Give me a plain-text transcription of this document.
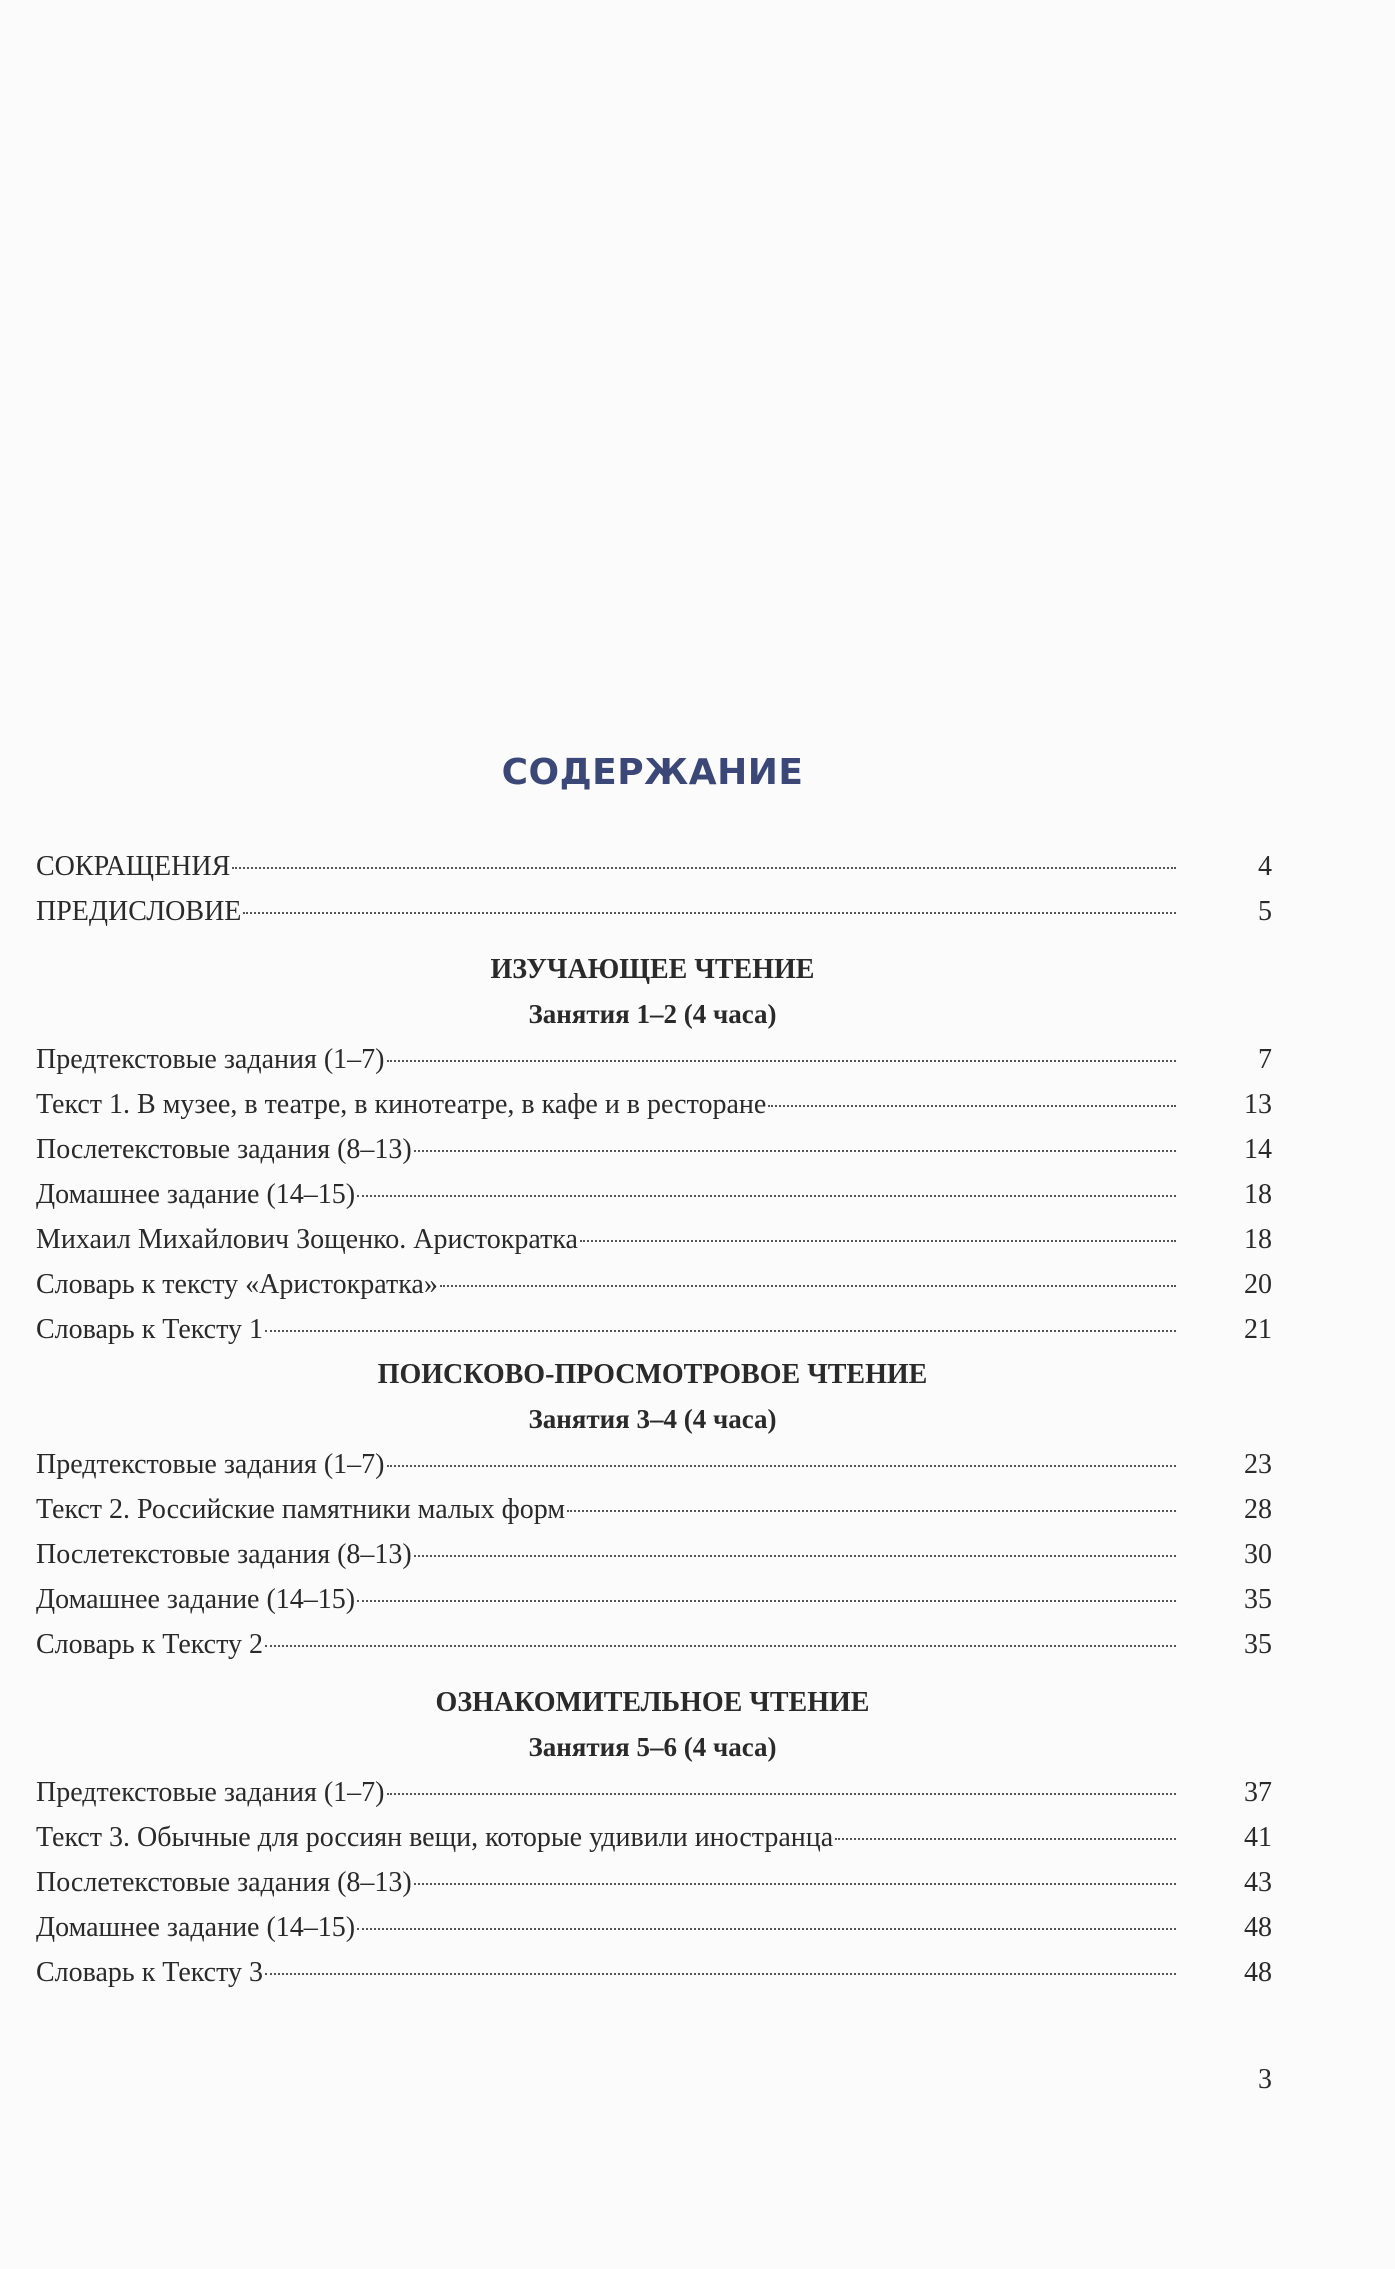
СОДЕРЖАНИЕ
СОКРАЩЕНИЯ	4
ПРЕДИСЛОВИЕ	5
ИЗУЧАЮЩЕЕ ЧТЕНИЕ
Занятия 1–2 (4 часа)
Предтекстовые задания (1–7)	7
Текст 1. В музее, в театре, в кинотеатре, в кафе и в ресторане	13
Послетекстовые задания (8–13)	14
Домашнее задание (14–15)	18
Михаил Михайлович Зощенко. Аристократка	18
Словарь к тексту «Аристократка»	20
Словарь к Тексту 1	21
ПОИСКОВО-ПРОСМОТРОВОЕ ЧТЕНИЕ
Занятия 3–4 (4 часа)
Предтекстовые задания (1–7)	23
Текст 2. Российские памятники малых форм	28
Послетекстовые задания (8–13)	30
Домашнее задание (14–15)	35
Словарь к Тексту 2	35
ОЗНАКОМИТЕЛЬНОЕ ЧТЕНИЕ
Занятия 5–6 (4 часа)
Предтекстовые задания (1–7)	37
Текст 3. Обычные для россиян вещи, которые удивили иностранца	41
Послетекстовые задания (8–13)	43
Домашнее задание (14–15)	48
Словарь к Тексту 3	48
3
